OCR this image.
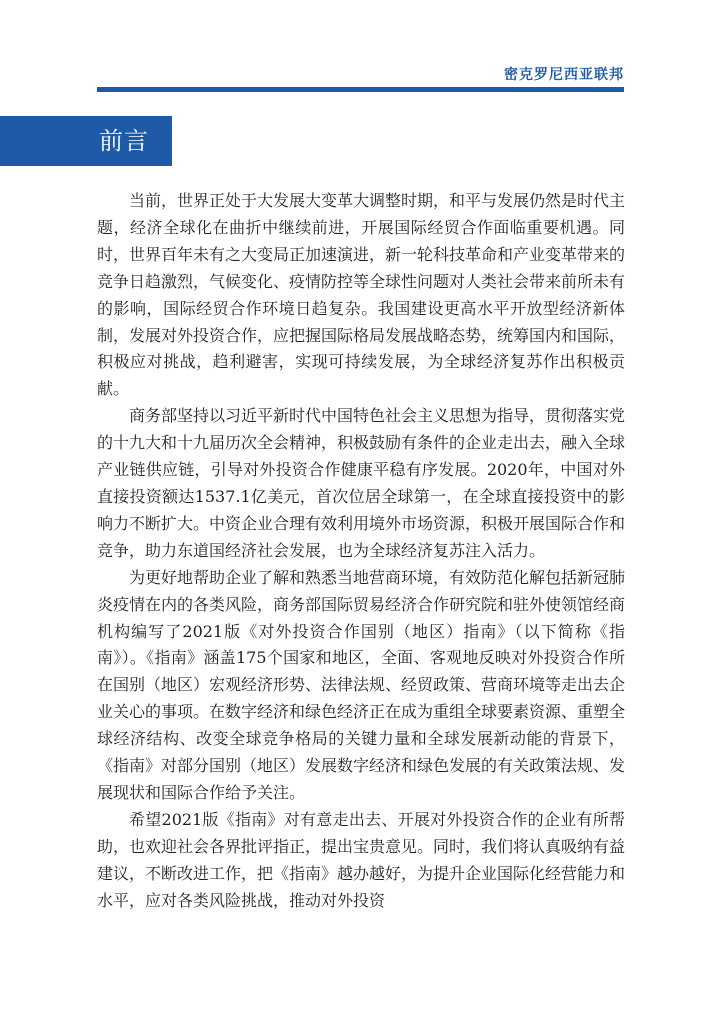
密克罗尼西亚联邦
前言

当前，世界正处于大发展大变革大调整时期，和平与发展仍然是时代主题，经济全球化在曲折中继续前进，开展国际经贸合作面临重要机遇。同时，世界百年未有之大变局正加速演进，新一轮科技革命和产业变革带来的竞争日趋激烈，气候变化、疫情防控等全球性问题对人类社会带来前所未有的影响，国际经贸合作环境日趋复杂。我国建设更高水平开放型经济新体制，发展对外投资合作，应把握国际格局发展战略态势，统筹国内和国际，积极应对挑战，趋利避害，实现可持续发展，为全球经济复苏作出积极贡献。

商务部坚持以习近平新时代中国特色社会主义思想为指导，贯彻落实党的十九大和十九届历次全会精神，积极鼓励有条件的企业走出去，融入全球产业链供应链，引导对外投资合作健康平稳有序发展。2020年，中国对外直接投资额达1537.1亿美元，首次位居全球第一，在全球直接投资中的影响力不断扩大。中资企业合理有效利用境外市场资源，积极开展国际合作和竞争，助力东道国经济社会发展，也为全球经济复苏注入活力。

为更好地帮助企业了解和熟悉当地营商环境，有效防范化解包括新冠肺炎疫情在内的各类风险，商务部国际贸易经济合作研究院和驻外使领馆经商机构编写了2021版《对外投资合作国别（地区）指南》（以下简称《指南》）。《指南》涵盖175个国家和地区，全面、客观地反映对外投资合作所在国别（地区）宏观经济形势、法律法规、经贸政策、营商环境等走出去企业关心的事项。在数字经济和绿色经济正在成为重组全球要素资源、重塑全球经济结构、改变全球竞争格局的关键力量和全球发展新动能的背景下，《指南》对部分国别（地区）发展数字经济和绿色发展的有关政策法规、发展现状和国际合作给予关注。

希望2021版《指南》对有意走出去、开展对外投资合作的企业有所帮助，也欢迎社会各界批评指正，提出宝贵意见。同时，我们将认真吸纳有益建议，不断改进工作，把《指南》越办越好，为提升企业国际化经营能力和水平，应对各类风险挑战，推动对外投资
